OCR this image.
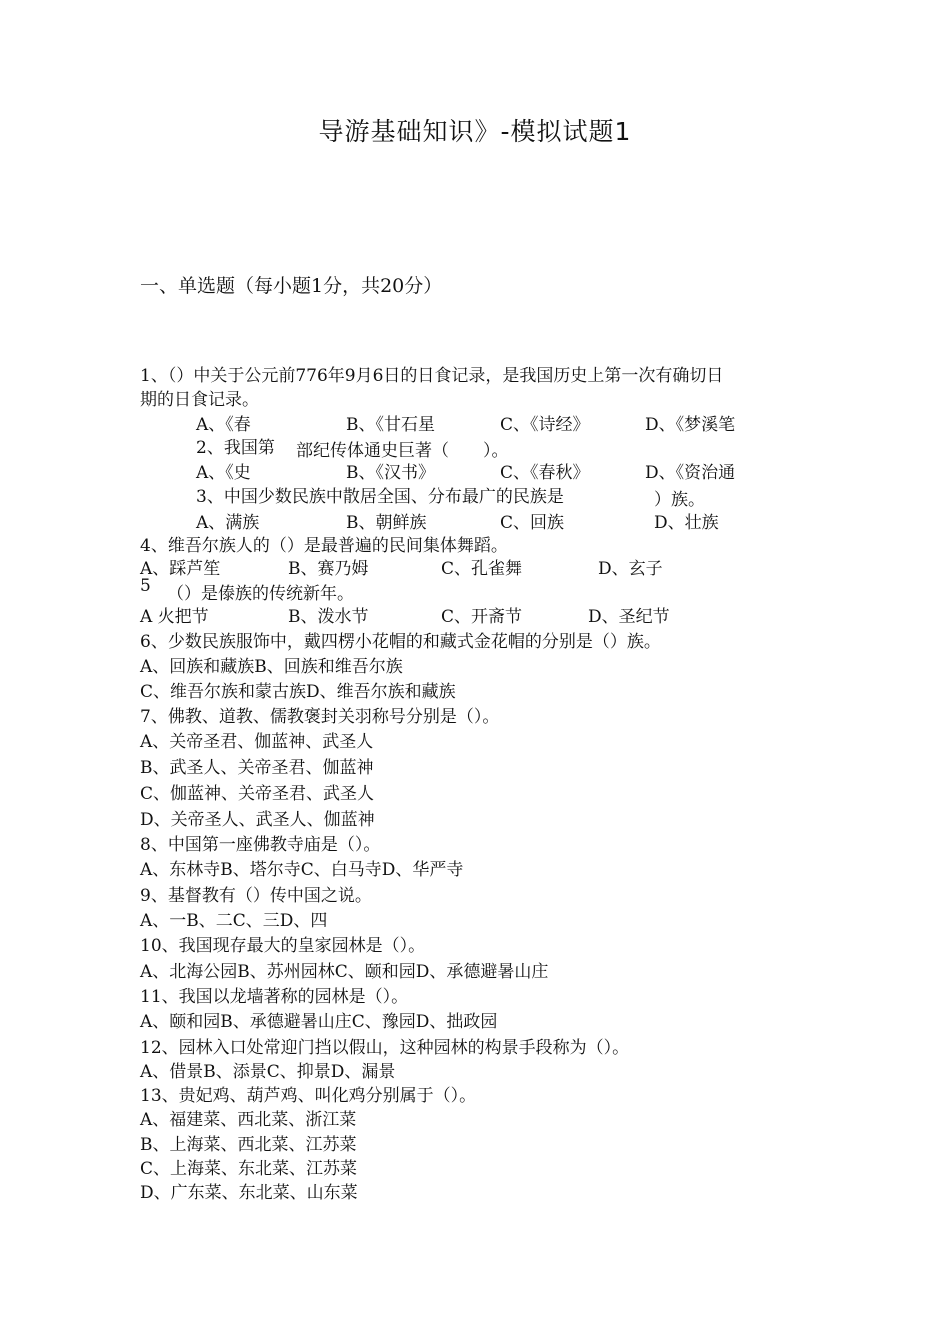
导游基础知识》-模拟试题1
一、单选题（每小题1分，共20分）
1、（）中关于公元前776年9月6日的日食记录，是我国历史上第一次有确切日
期的日食记录。
A、《春	B、《甘石星	C、《诗经》	D、《梦溪笔
2、我国第 部纪传体通史巨著（　　）。
A、《史	B、《汉书》	C、《春秋》	D、《资治通
3、中国少数民族中散居全国、分布最广的民族是	）族。
A、满族	B、朝鲜族	C、回族	D、壮族
4、维吾尔族人的（）是最普遍的民间集体舞蹈。
A、踩芦笙	B、赛乃姆	C、孔雀舞	D、玄子
5 （）是傣族的传统新年。
A 火把节	B、泼水节	C、开斋节	D、圣纪节
6、少数民族服饰中，戴四楞小花帽的和藏式金花帽的分别是（）族。
A、回族和藏族B、回族和维吾尔族
C、维吾尔族和蒙古族D、维吾尔族和藏族
7、佛教、道教、儒教褒封关羽称号分别是（）。
A、关帝圣君、伽蓝神、武圣人
B、武圣人、关帝圣君、伽蓝神
C、伽蓝神、关帝圣君、武圣人
D、关帝圣人、武圣人、伽蓝神
8、中国第一座佛教寺庙是（）。
A、东林寺B、塔尔寺C、白马寺D、华严寺
9、基督教有（）传中国之说。
A、一B、二C、三D、四
10、我国现存最大的皇家园林是（）。
A、北海公园B、苏州园林C、颐和园D、承德避暑山庄
11、我国以龙墙著称的园林是（）。
A、颐和园B、承德避暑山庄C、豫园D、拙政园
12、园林入口处常迎门挡以假山，这种园林的构景手段称为（）。
A、借景B、添景C、抑景D、漏景
13、贵妃鸡、葫芦鸡、叫化鸡分别属于（）。
A、福建菜、西北菜、浙江菜
B、上海菜、西北菜、江苏菜
C、上海菜、东北菜、江苏菜
D、广东菜、东北菜、山东菜
